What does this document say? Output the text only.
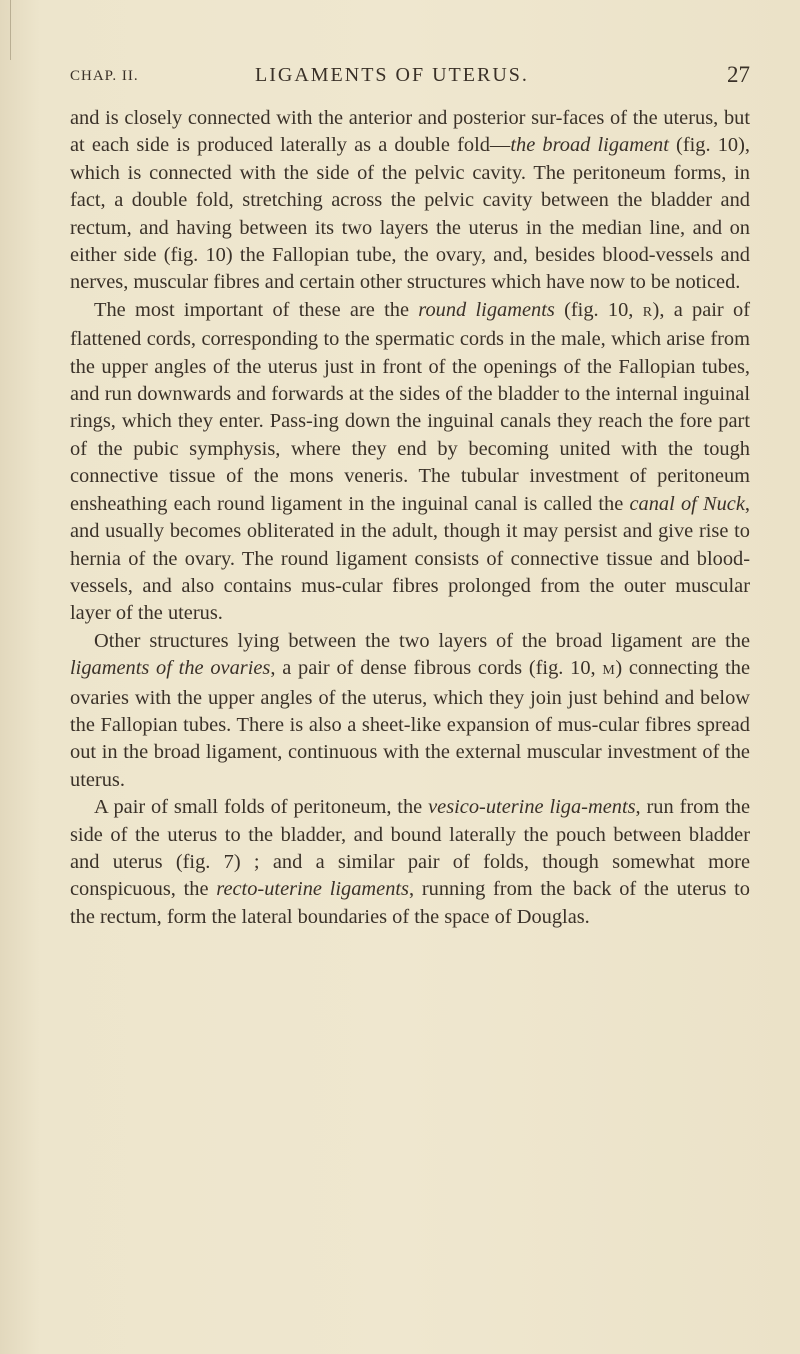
CHAP. II.	LIGAMENTS OF UTERUS.	27

and is closely connected with the anterior and posterior sur-faces of the uterus, but at each side is produced laterally as a double fold—the broad ligament (fig. 10), which is connected with the side of the pelvic cavity. The peritoneum forms, in fact, a double fold, stretching across the pelvic cavity between the bladder and rectum, and having between its two layers the uterus in the median line, and on either side (fig. 10) the Fallopian tube, the ovary, and, besides blood-vessels and nerves, muscular fibres and certain other structures which have now to be noticed.

The most important of these are the round ligaments (fig. 10, R), a pair of flattened cords, corresponding to the spermatic cords in the male, which arise from the upper angles of the uterus just in front of the openings of the Fallopian tubes, and run downwards and forwards at the sides of the bladder to the internal inguinal rings, which they enter. Pass-ing down the inguinal canals they reach the fore part of the pubic symphysis, where they end by becoming united with the tough connective tissue of the mons veneris. The tubular investment of peritoneum ensheathing each round ligament in the inguinal canal is called the canal of Nuck, and usually becomes obliterated in the adult, though it may persist and give rise to hernia of the ovary. The round ligament consists of connective tissue and blood-vessels, and also contains mus-cular fibres prolonged from the outer muscular layer of the uterus.

Other structures lying between the two layers of the broad ligament are the ligaments of the ovaries, a pair of dense fibrous cords (fig. 10, M) connecting the ovaries with the upper angles of the uterus, which they join just behind and below the Fallopian tubes. There is also a sheet-like expansion of mus-cular fibres spread out in the broad ligament, continuous with the external muscular investment of the uterus.

A pair of small folds of peritoneum, the vesico-uterine liga-ments, run from the side of the uterus to the bladder, and bound laterally the pouch between bladder and uterus (fig. 7) ; and a similar pair of folds, though somewhat more conspicuous, the recto-uterine ligaments, running from the back of the uterus to the rectum, form the lateral boundaries of the space of Douglas.
